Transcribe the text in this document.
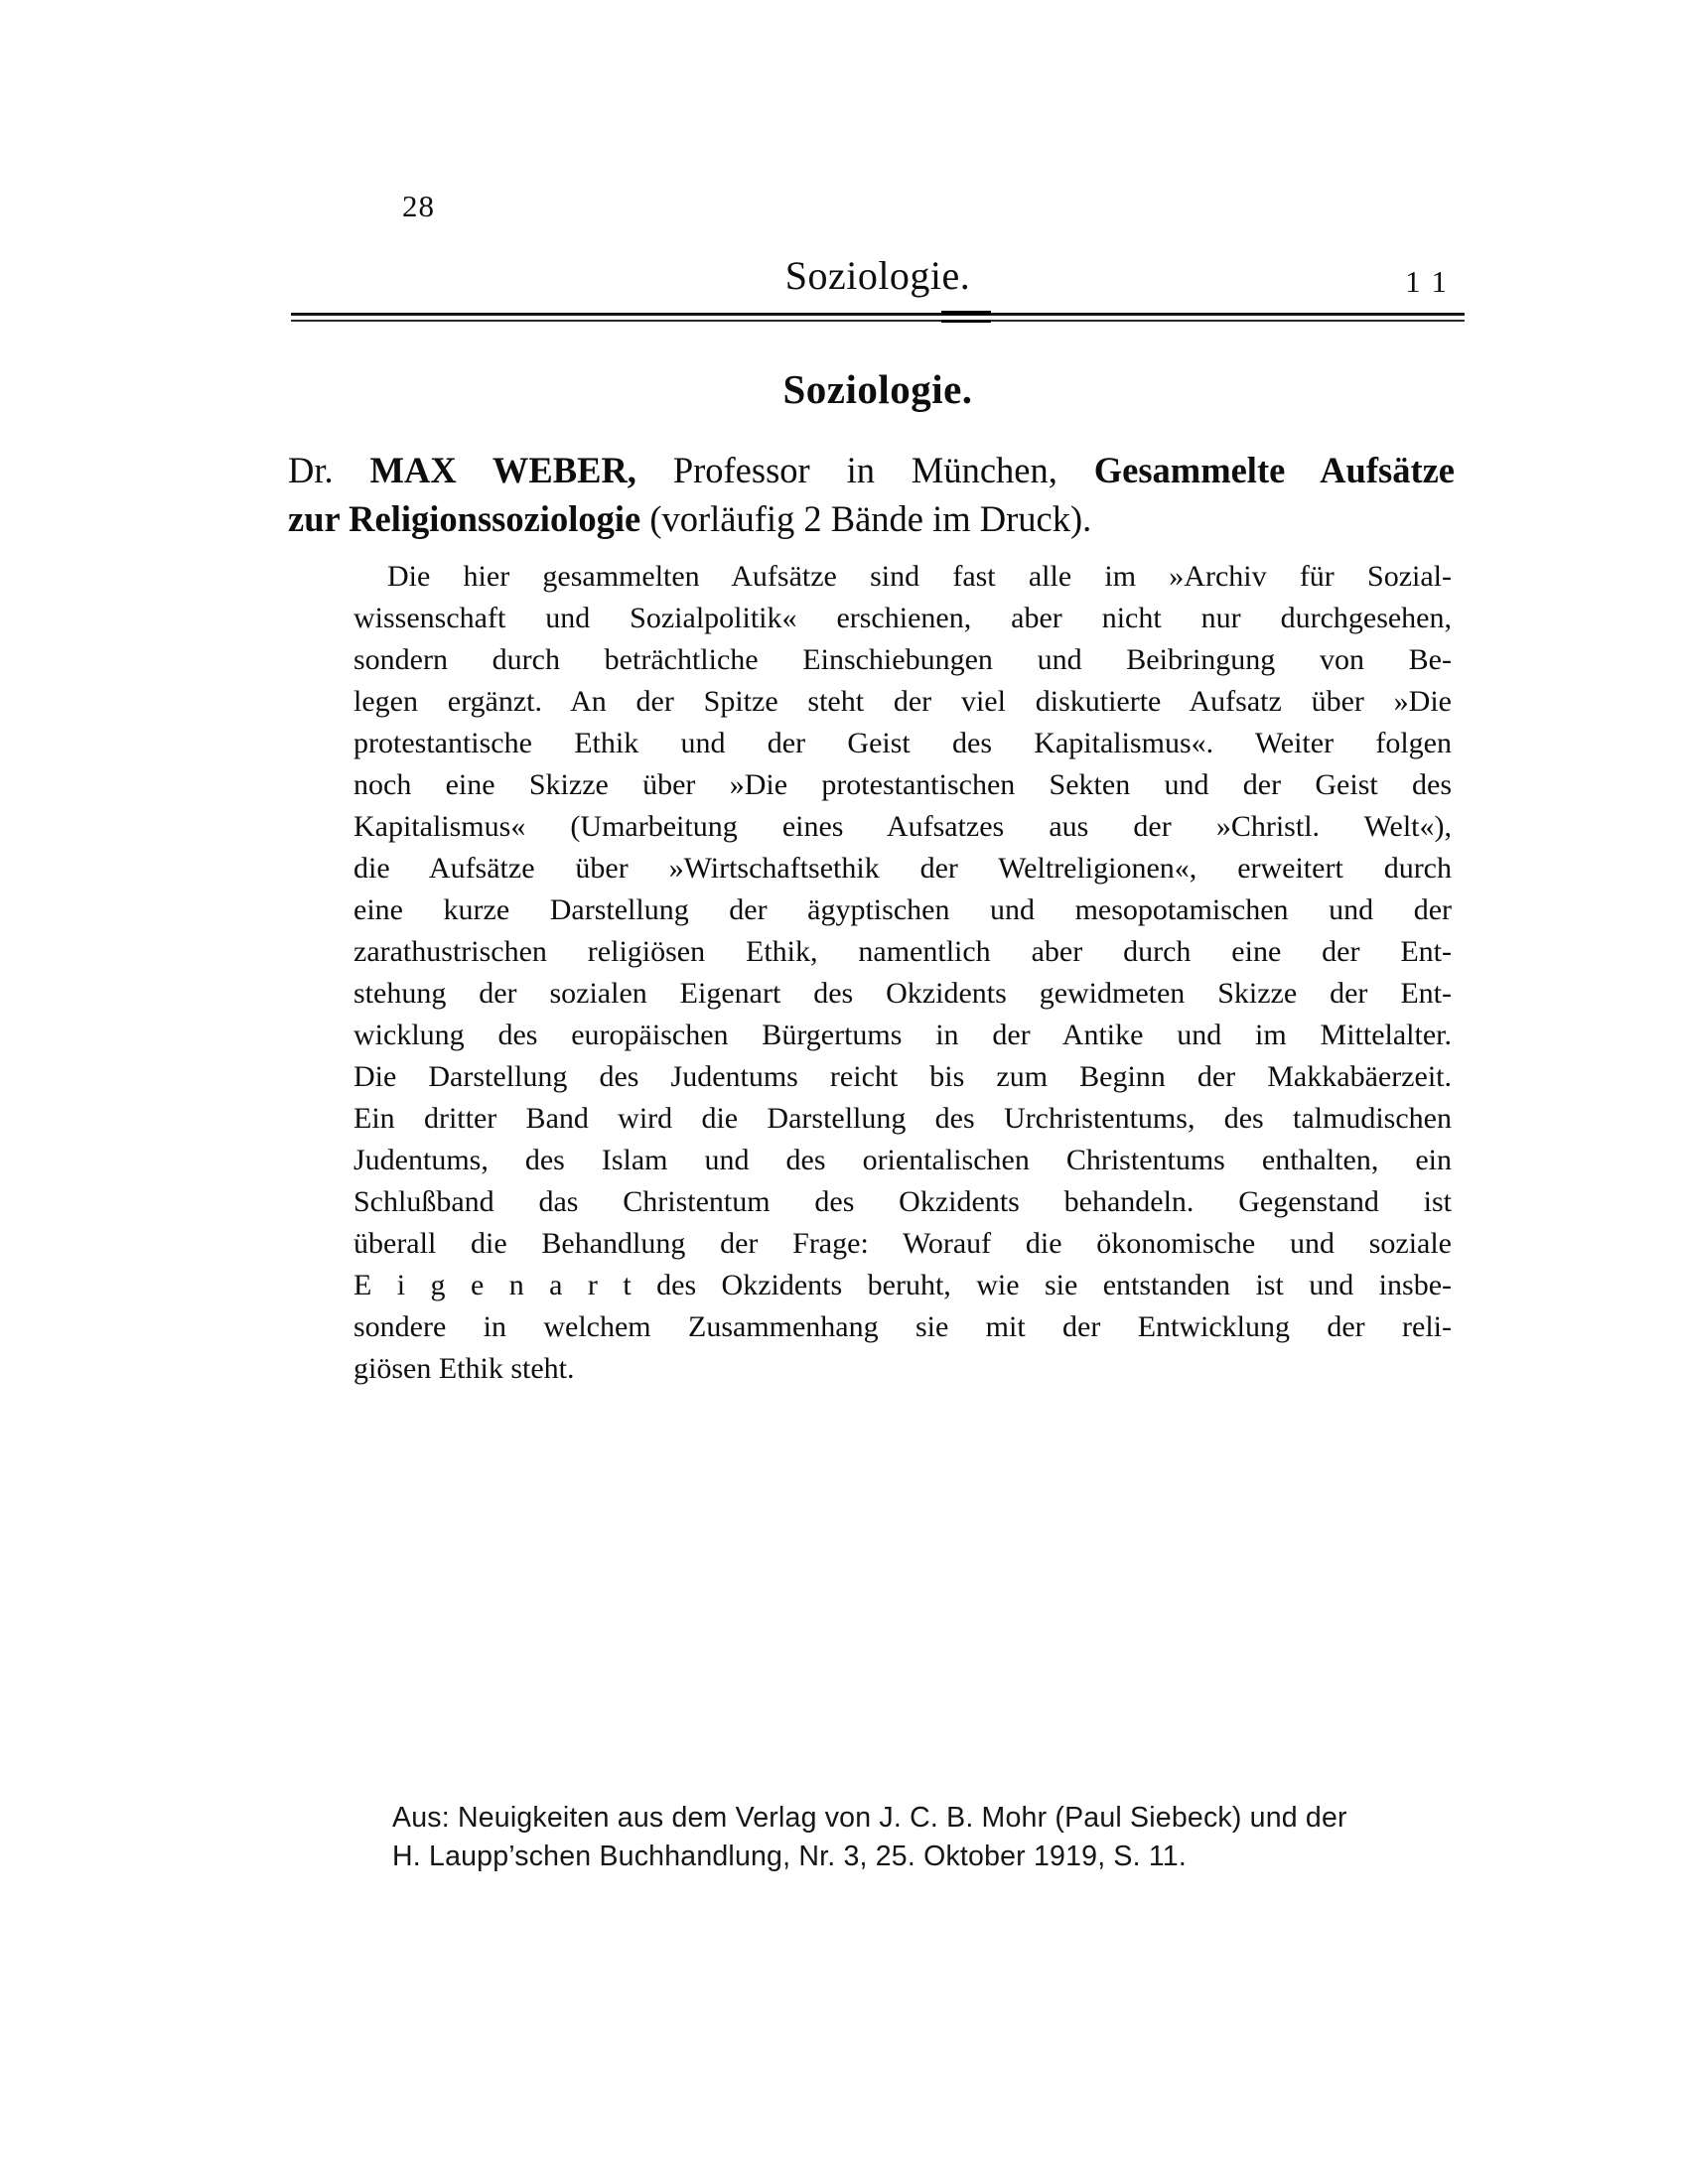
28
Soziologie.	11
Soziologie.
Dr. MAX WEBER, Professor in München, Gesammelte Aufsätze
zur Religionssoziologie (vorläufig 2 Bände im Druck).
Die hier gesammelten Aufsätze sind fast alle im »Archiv für Sozial-
wissenschaft und Sozialpolitik« erschienen, aber nicht nur durchgesehen,
sondern durch beträchtliche Einschiebungen und Beibringung von Be-
legen ergänzt. An der Spitze steht der viel diskutierte Aufsatz über »Die
protestantische Ethik und der Geist des Kapitalismus«. Weiter folgen
noch eine Skizze über »Die protestantischen Sekten und der Geist des
Kapitalismus« (Umarbeitung eines Aufsatzes aus der »Christl. Welt«),
die Aufsätze über »Wirtschaftsethik der Weltreligionen«, erweitert durch
eine kurze Darstellung der ägyptischen und mesopotamischen und der
zarathustrischen religiösen Ethik, namentlich aber durch eine der Ent-
stehung der sozialen Eigenart des Okzidents gewidmeten Skizze der Ent-
wicklung des europäischen Bürgertums in der Antike und im Mittelalter.
Die Darstellung des Judentums reicht bis zum Beginn der Makkabäerzeit.
Ein dritter Band wird die Darstellung des Urchristentums, des talmudischen
Judentums, des Islam und des orientalischen Christentums enthalten, ein
Schlußband das Christentum des Okzidents behandeln. Gegenstand ist
überall die Behandlung der Frage: Worauf die ökonomische und soziale
E i g e n a r t des Okzidents beruht, wie sie entstanden ist und insbe-
sondere in welchem Zusammenhang sie mit der Entwicklung der reli-
giösen Ethik steht.
Aus: Neuigkeiten aus dem Verlag von J. C. B. Mohr (Paul Siebeck) und der
H. Laupp’schen Buchhandlung, Nr. 3, 25. Oktober 1919, S. 11.
